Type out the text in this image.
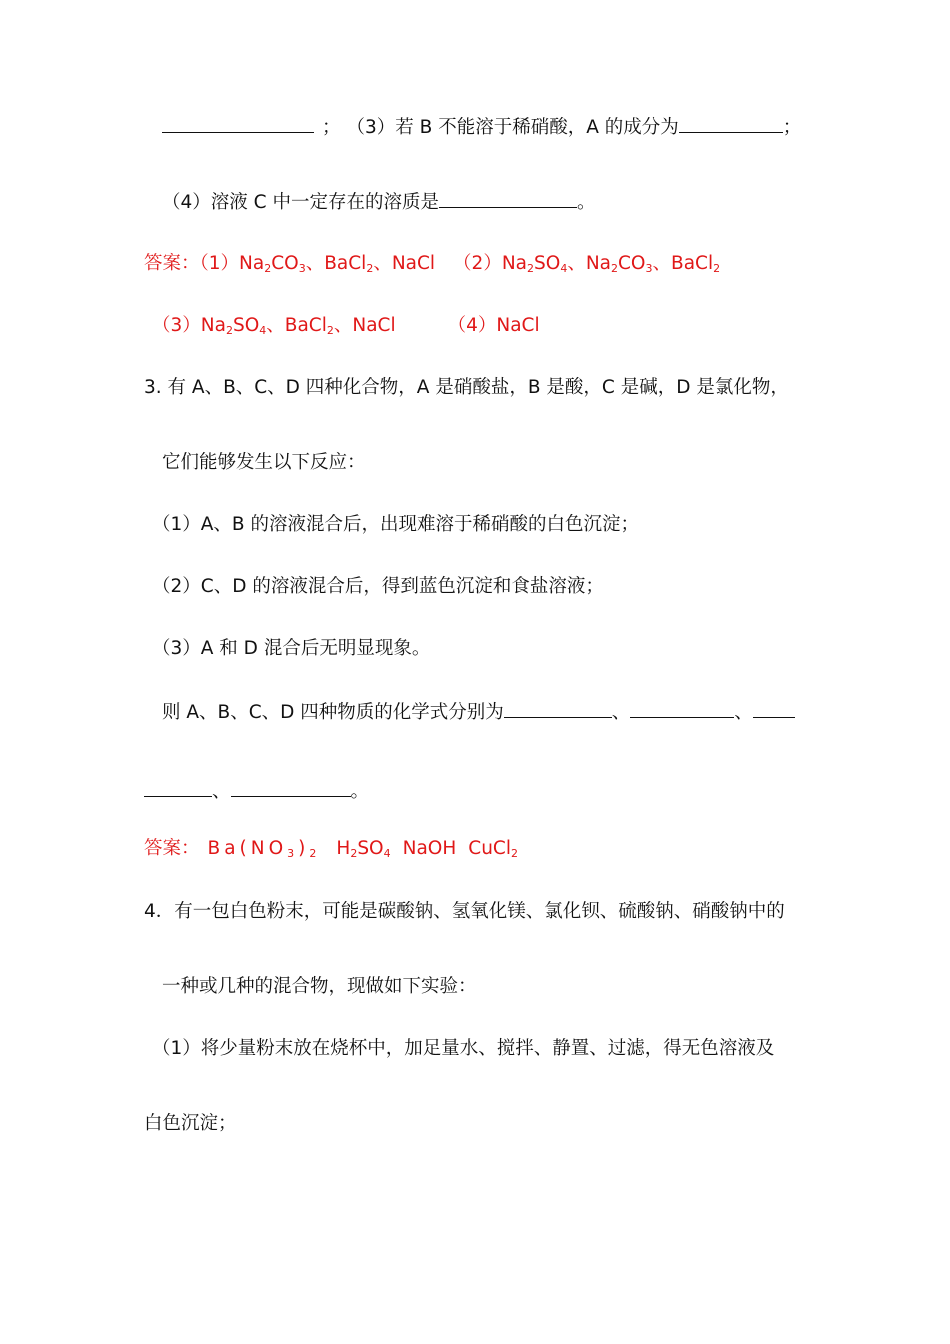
； （3）若 B 不能溶于稀硝酸，A 的成分为	；
（4）溶液 C 中一定存在的溶质是	。
答案：$(1)Na_2CO_3$、BaCl$_2$、NaCl $(2)Na_2SO_4$、$Na_2CO_3$、BaCl$_2$
$(3)Na_2SO_4$、BaCl$_2$、NaCl	（4）NaCl
3. 有 A、B、C、D 四种化合物，A 是硝酸盐，B 是酸，C 是碱，D 是氯化物，
它们能够发生以下反应：
（1）A、B 的溶液混合后，出现难溶于稀硝酸的白色沉淀；
（2）C、D 的溶液混合后，得到蓝色沉淀和食盐溶液；
（3）A 和 D 混合后无明显现象。
则 A、B、C、D 四种物质的化学式分别为	、	、
、	。
答案： $Ba(NO_3)_2$ $H_2SO_4$ NaOH CuCl$_2$
4．有一包白色粉末，可能是碳酸钠、氢氧化镁、氯化钡、硫酸钠、硝酸钠中的
一种或几种的混合物，现做如下实验：
（1）将少量粉末放在烧杯中，加足量水、搅拌、静置、过滤，得无色溶液及
白色沉淀；
